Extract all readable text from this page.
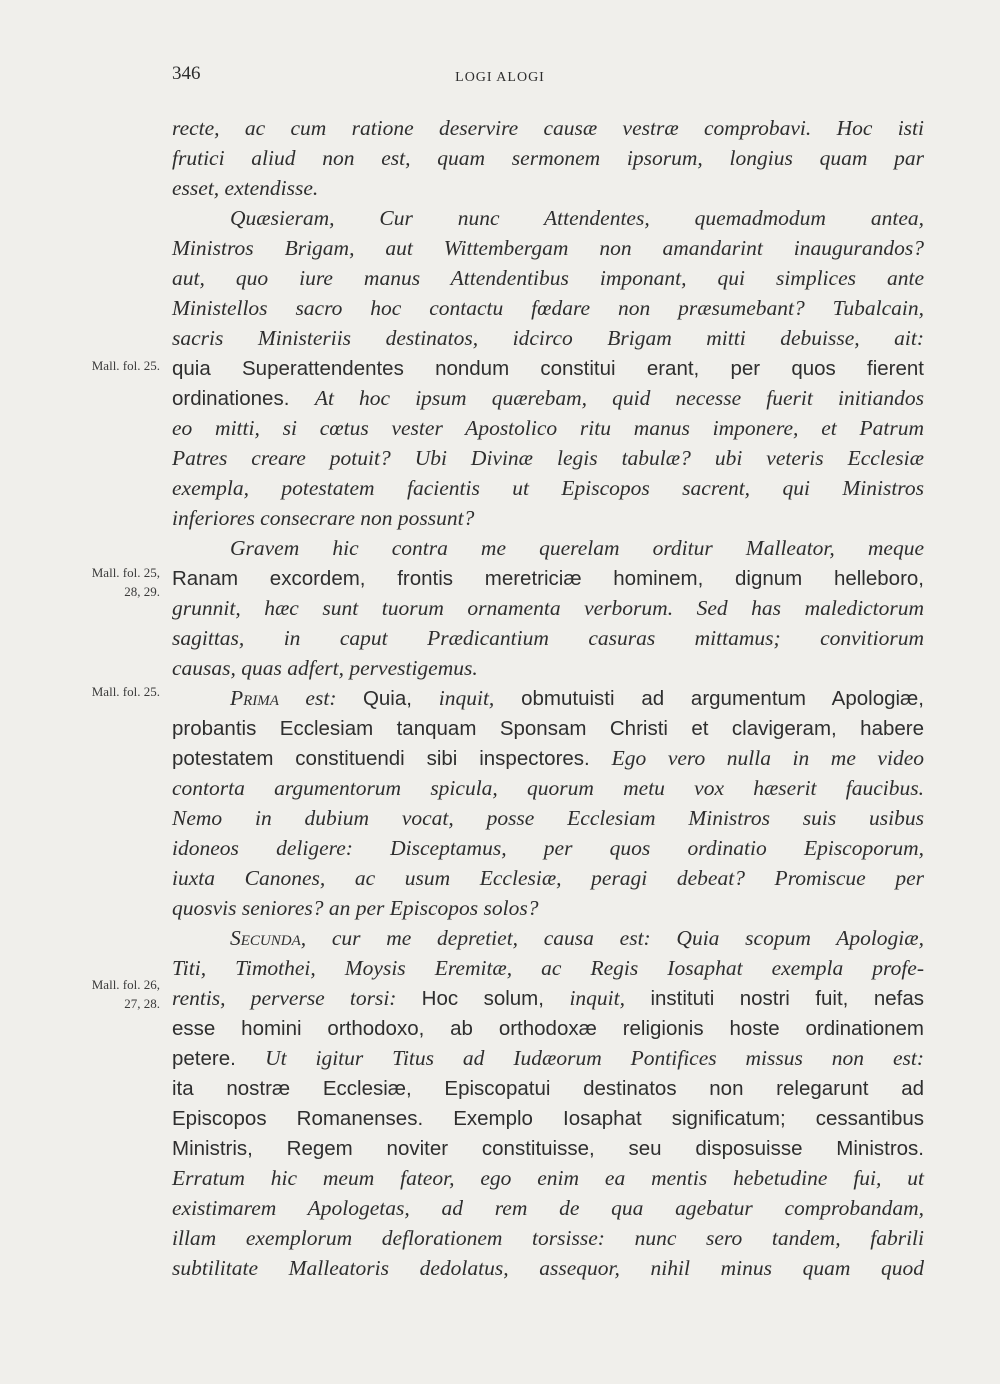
346	LOGI ALOGI
Mall. fol. 25.
Mall. fol. 25,
28, 29.
Mall. fol. 25.
Mall. fol. 26,
27, 28.
recte, ac cum ratione deservire causæ vestræ comprobavi. Hoc isti
frutici aliud non est, quam sermonem ipsorum, longius quam par
esset, extendisse.
Quæsieram, Cur nunc Attendentes, quemadmodum antea,
Ministros Brigam, aut Wittembergam non amandarint inaugurandos?
aut, quo iure manus Attendentibus imponant, qui simplices ante
Ministellos sacro hoc contactu fœdare non præsumebant? Tubalcain,
sacris Ministeriis destinatos, idcirco Brigam mitti debuisse, ait:
quia Superattendentes nondum constitui erant, per quos fierent
ordinationes. At hoc ipsum quærebam, quid necesse fuerit initiandos
eo mitti, si cœtus vester Apostolico ritu manus imponere, et Patrum
Patres creare potuit? Ubi Divinæ legis tabulæ? ubi veteris Ecclesiæ
exempla, potestatem facientis ut Episcopos sacrent, qui Ministros
inferiores consecrare non possunt?
Gravem hic contra me querelam orditur Malleator, meque
Ranam excordem, frontis meretriciæ hominem, dignum helleboro,
grunnit, hæc sunt tuorum ornamenta verborum. Sed has maledictorum
sagittas, in caput Prædicantium casuras mittamus; convitiorum
causas, quas adfert, pervestigemus.
Prima est: Quia, inquit, obmutuisti ad argumentum Apologiæ,
probantis Ecclesiam tanquam Sponsam Christi et clavigeram, habere
potestatem constituendi sibi inspectores. Ego vero nulla in me video
contorta argumentorum spicula, quorum metu vox hæserit faucibus.
Nemo in dubium vocat, posse Ecclesiam Ministros suis usibus
idoneos deligere: Disceptamus, per quos ordinatio Episcoporum,
iuxta Canones, ac usum Ecclesiæ, peragi debeat? Promiscue per
quosvis seniores? an per Episcopos solos?
Secunda, cur me depretiet, causa est: Quia scopum Apologiæ,
Titi, Timothei, Moysis Eremitæ, ac Regis Iosaphat exempla profe-
rentis, perverse torsi: Hoc solum, inquit, instituti nostri fuit, nefas
esse homini orthodoxo, ab orthodoxæ religionis hoste ordinationem
petere. Ut igitur Titus ad Iudæorum Pontifices missus non est:
ita nostræ Ecclesiæ, Episcopatui destinatos non relegarunt ad
Episcopos Romanenses. Exemplo Iosaphat significatum; cessantibus
Ministris, Regem noviter constituisse, seu disposuisse Ministros.
Erratum hic meum fateor, ego enim ea mentis hebetudine fui, ut
existimarem Apologetas, ad rem de qua agebatur comprobandam,
illam exemplorum deflorationem torsisse: nunc sero tandem, fabrili
subtilitate Malleatoris dedolatus, assequor, nihil minus quam quod
